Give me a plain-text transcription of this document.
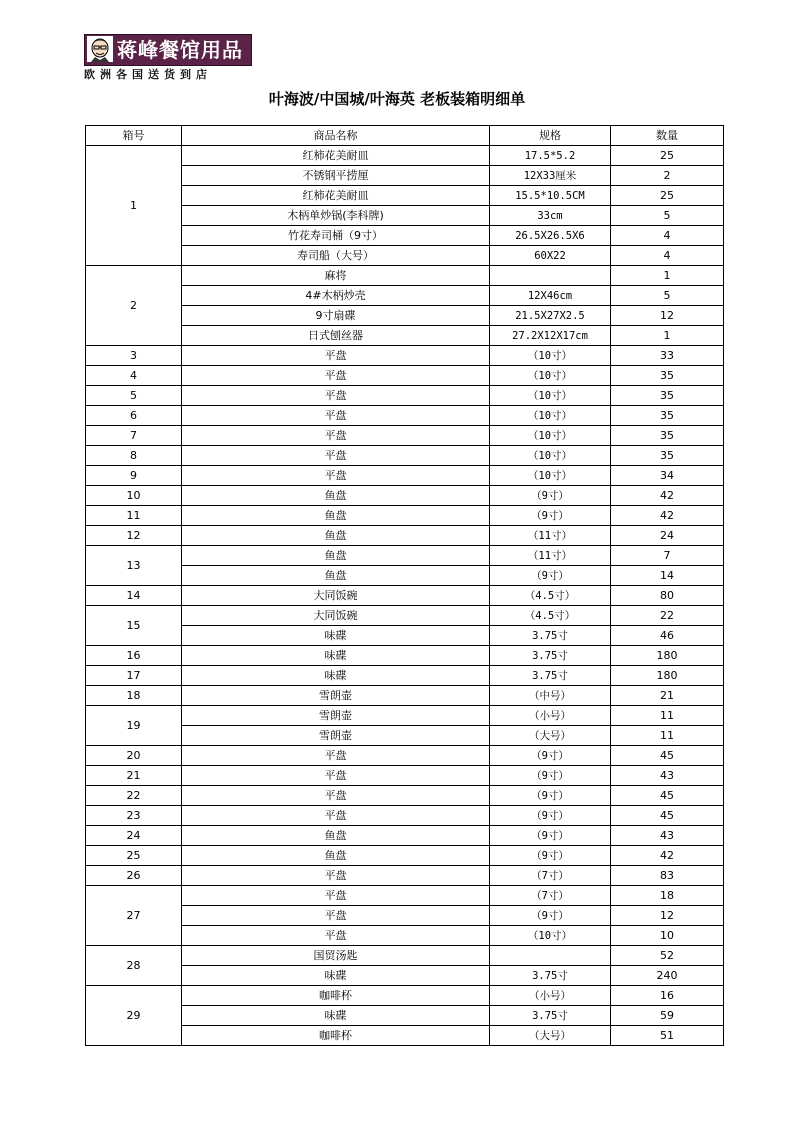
蒋峰餐馆用品
欧洲各国送货到店
叶海波/中国城/叶海英 老板装箱明细单
箱号	商品名称	规格	数量
1	红柿花美耐皿	17.5*5.2	25
	不锈钢平捞厘	12X33厘米	2
	红柿花美耐皿	15.5*10.5CM	25
	木柄单炒锅(李科牌)	33cm	5
	竹花寿司桶（9寸）	26.5X26.5X6	4
	寿司船（大号）	60X22	4
2	麻将		1
	4#木柄炒壳	12X46cm	5
	9寸扇碟	21.5X27X2.5	12
	日式刨丝器	27.2X12X17cm	1
3	平盘	（10寸）	33
4	平盘	（10寸）	35
5	平盘	（10寸）	35
6	平盘	（10寸）	35
7	平盘	（10寸）	35
8	平盘	（10寸）	35
9	平盘	（10寸）	34
10	鱼盘	（9寸）	42
11	鱼盘	（9寸）	42
12	鱼盘	（11寸）	24
13	鱼盘	（11寸）	7
	鱼盘	（9寸）	14
14	大同饭碗	（4.5寸）	80
15	大同饭碗	（4.5寸）	22
	味碟	3.75寸	46
16	味碟	3.75寸	180
17	味碟	3.75寸	180
18	雪朗壶	（中号）	21
19	雪朗壶	（小号）	11
	雪朗壶	（大号）	11
20	平盘	（9寸）	45
21	平盘	（9寸）	43
22	平盘	（9寸）	45
23	平盘	（9寸）	45
24	鱼盘	（9寸）	43
25	鱼盘	（9寸）	42
26	平盘	（7寸）	83
27	平盘	（7寸）	18
	平盘	（9寸）	12
	平盘	（10寸）	10
28	国贸汤匙		52
	味碟	3.75寸	240
29	咖啡杯	（小号）	16
	味碟	3.75寸	59
	咖啡杯	（大号）	51
